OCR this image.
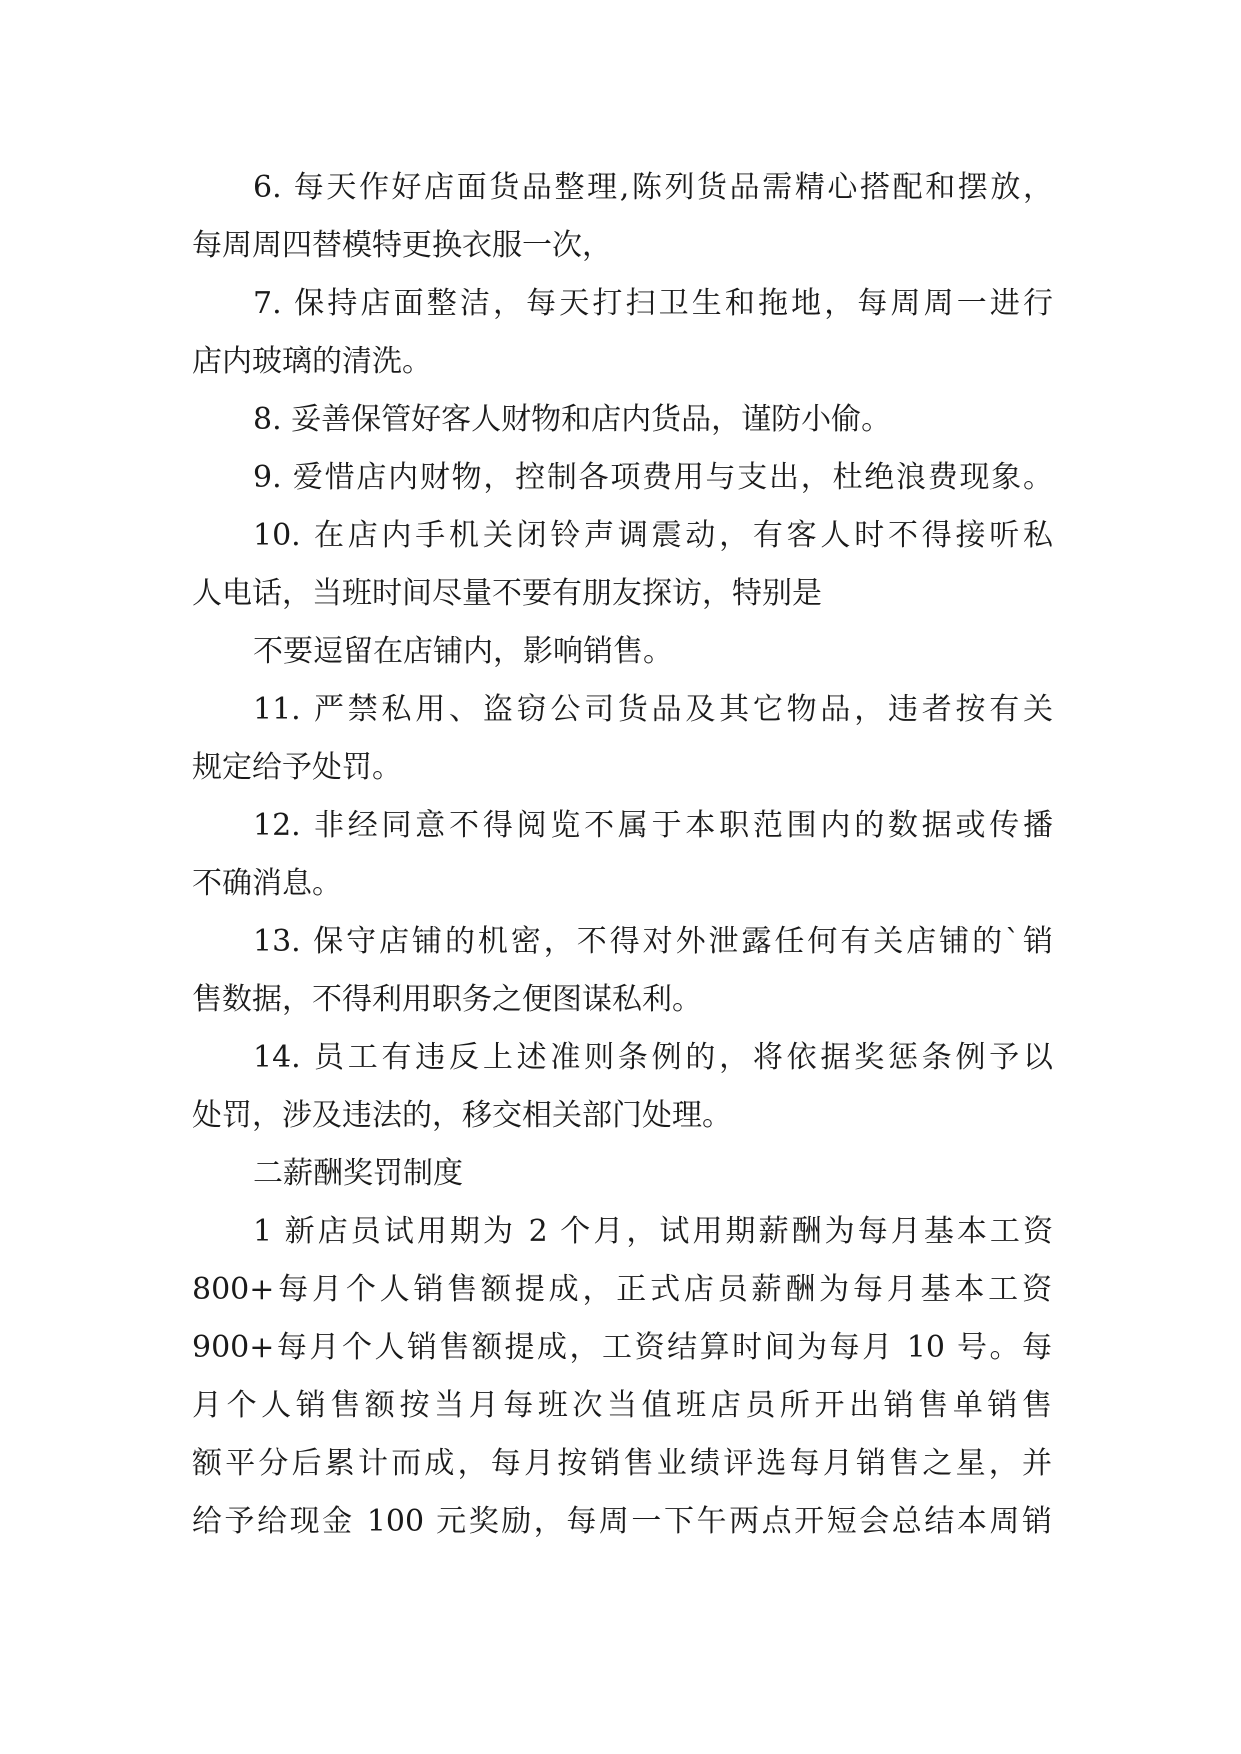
6. 每天作好店面货品整理,陈列货品需精心搭配和摆放，
每周周四替模特更换衣服一次，
7. 保持店面整洁，每天打扫卫生和拖地，每周周一进行
店内玻璃的清洗。
8. 妥善保管好客人财物和店内货品，谨防小偷。
9. 爱惜店内财物，控制各项费用与支出，杜绝浪费现象。
10. 在店内手机关闭铃声调震动，有客人时不得接听私
人电话，当班时间尽量不要有朋友探访，特别是
不要逗留在店铺内，影响销售。
11. 严禁私用、盗窃公司货品及其它物品，违者按有关
规定给予处罚。
12. 非经同意不得阅览不属于本职范围内的数据或传播
不确消息。
13. 保守店铺的机密，不得对外泄露任何有关店铺的`销
售数据，不得利用职务之便图谋私利。
14. 员工有违反上述准则条例的，将依据奖惩条例予以
处罚，涉及违法的，移交相关部门处理。
二薪酬奖罚制度
1 新店员试用期为 2 个月，试用期薪酬为每月基本工资
800+每月个人销售额提成，正式店员薪酬为每月基本工资
900+每月个人销售额提成，工资结算时间为每月 10 号。每
月个人销售额按当月每班次当值班店员所开出销售单销售
额平分后累计而成，每月按销售业绩评选每月销售之星，并
给予给现金 100 元奖励，每周一下午两点开短会总结本周销
